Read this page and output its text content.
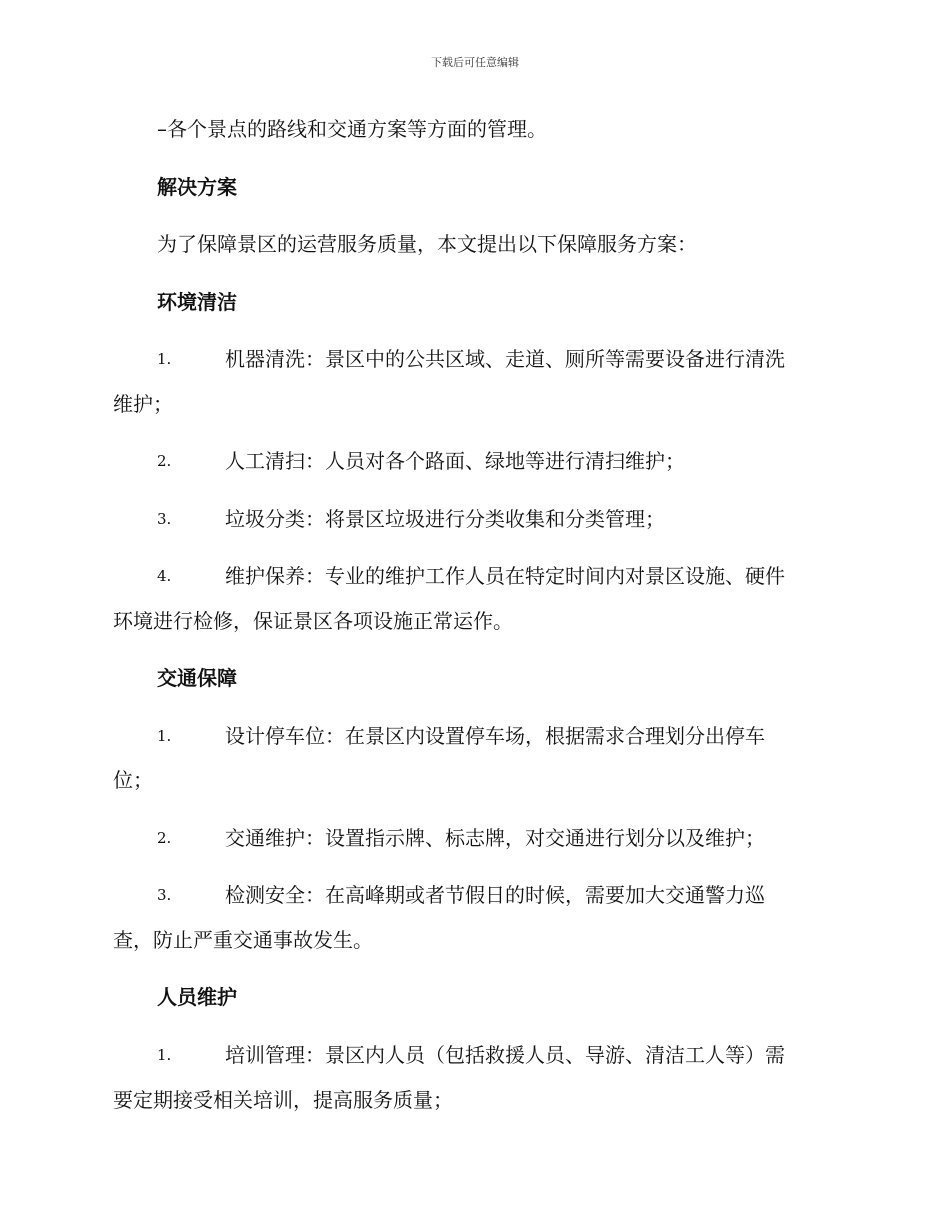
下载后可任意编辑
–各个景点的路线和交通方案等方面的管理。
解决方案
为了保障景区的运营服务质量，本文提出以下保障服务方案：
环境清洁
1.	机器清洗：景区中的公共区域、走道、厕所等需要设备进行清洗
维护；
2.	人工清扫：人员对各个路面、绿地等进行清扫维护；
3.	垃圾分类：将景区垃圾进行分类收集和分类管理；
4.	维护保养：专业的维护工作人员在特定时间内对景区设施、硬件
环境进行检修，保证景区各项设施正常运作。
交通保障
1.	设计停车位：在景区内设置停车场，根据需求合理划分出停车
位；
2.	交通维护：设置指示牌、标志牌，对交通进行划分以及维护；
3.	检测安全：在高峰期或者节假日的时候，需要加大交通警力巡
查，防止严重交通事故发生。
人员维护
1.	培训管理：景区内人员（包括救援人员、导游、清洁工人等）需
要定期接受相关培训，提高服务质量；
